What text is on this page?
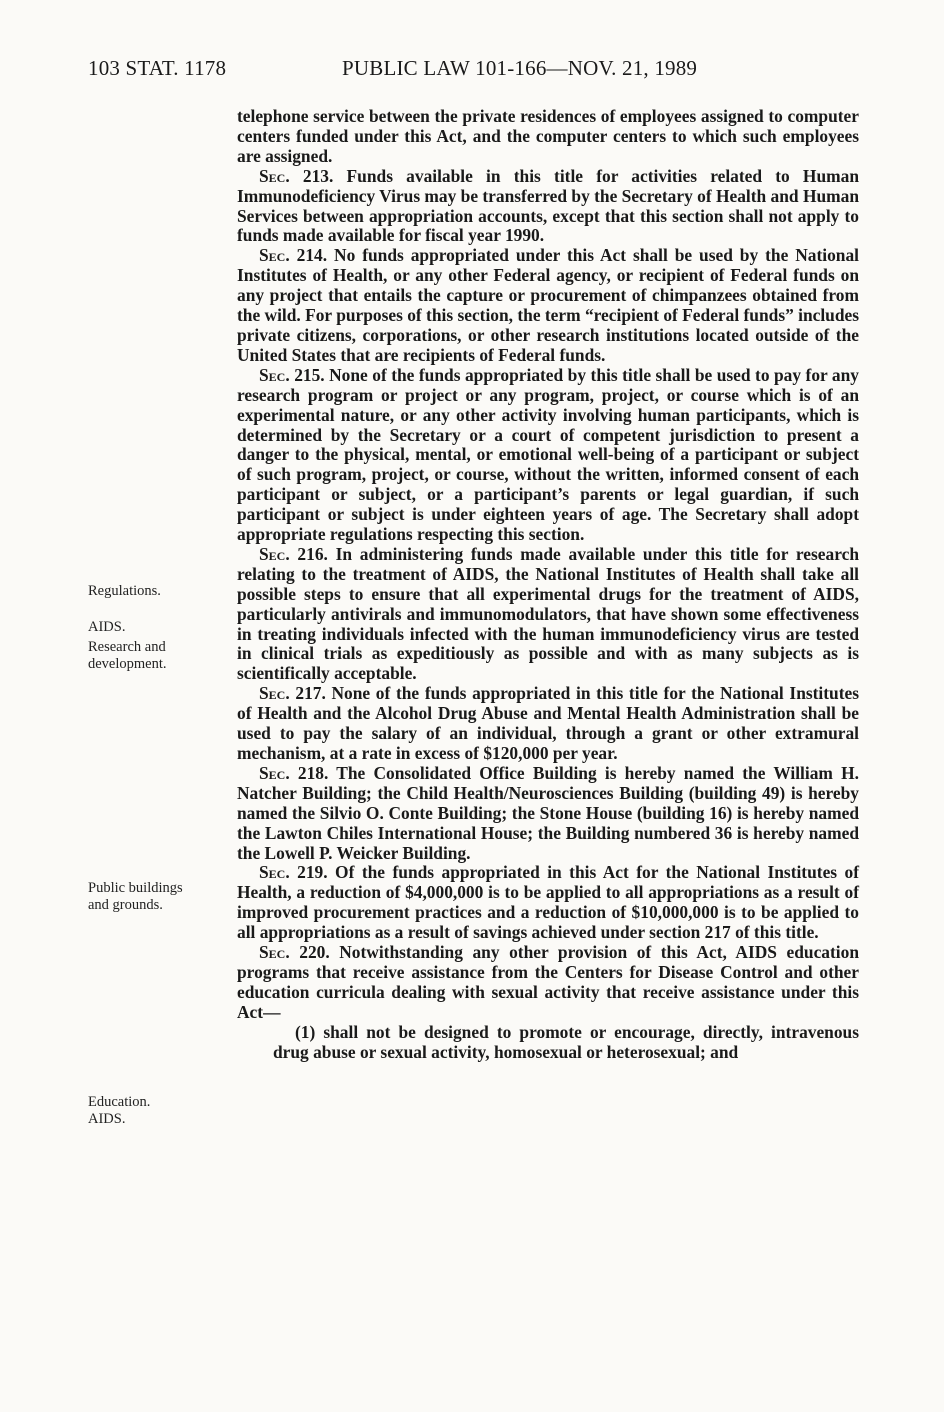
103 STAT. 1178	PUBLIC LAW 101-166—NOV. 21, 1989
Regulations.
AIDS.
Research and
development.
Public buildings
and grounds.
Education.
AIDS.

telephone service between the private residences of employees assigned to computer centers funded under this Act, and the computer centers to which such employees are assigned.

Sec. 213. Funds available in this title for activities related to Human Immunodeficiency Virus may be transferred by the Secretary of Health and Human Services between appropriation accounts, except that this section shall not apply to funds made available for fiscal year 1990.

Sec. 214. No funds appropriated under this Act shall be used by the National Institutes of Health, or any other Federal agency, or recipient of Federal funds on any project that entails the capture or procurement of chimpanzees obtained from the wild. For purposes of this section, the term “recipient of Federal funds” includes private citizens, corporations, or other research institutions located outside of the United States that are recipients of Federal funds.

Sec. 215. None of the funds appropriated by this title shall be used to pay for any research program or project or any program, project, or course which is of an experimental nature, or any other activity involving human participants, which is determined by the Secretary or a court of competent jurisdiction to present a danger to the physical, mental, or emotional well-being of a participant or subject of such program, project, or course, without the written, informed consent of each participant or subject, or a participant’s parents or legal guardian, if such participant or subject is under eighteen years of age. The Secretary shall adopt appropriate regulations respecting this section.

Sec. 216. In administering funds made available under this title for research relating to the treatment of AIDS, the National Institutes of Health shall take all possible steps to ensure that all experimental drugs for the treatment of AIDS, particularly antivirals and immunomodulators, that have shown some effectiveness in treating individuals infected with the human immunodeficiency virus are tested in clinical trials as expeditiously as possible and with as many subjects as is scientifically acceptable.

Sec. 217. None of the funds appropriated in this title for the National Institutes of Health and the Alcohol Drug Abuse and Mental Health Administration shall be used to pay the salary of an individual, through a grant or other extramural mechanism, at a rate in excess of $120,000 per year.

Sec. 218. The Consolidated Office Building is hereby named the William H. Natcher Building; the Child Health/Neurosciences Building (building 49) is hereby named the Silvio O. Conte Building; the Stone House (building 16) is hereby named the Lawton Chiles International House; the Building numbered 36 is hereby named the Lowell P. Weicker Building.

Sec. 219. Of the funds appropriated in this Act for the National Institutes of Health, a reduction of $4,000,000 is to be applied to all appropriations as a result of improved procurement practices and a reduction of $10,000,000 is to be applied to all appropriations as a result of savings achieved under section 217 of this title.

Sec. 220. Notwithstanding any other provision of this Act, AIDS education programs that receive assistance from the Centers for Disease Control and other education curricula dealing with sexual activity that receive assistance under this Act—

(1) shall not be designed to promote or encourage, directly, intravenous drug abuse or sexual activity, homosexual or heterosexual; and
